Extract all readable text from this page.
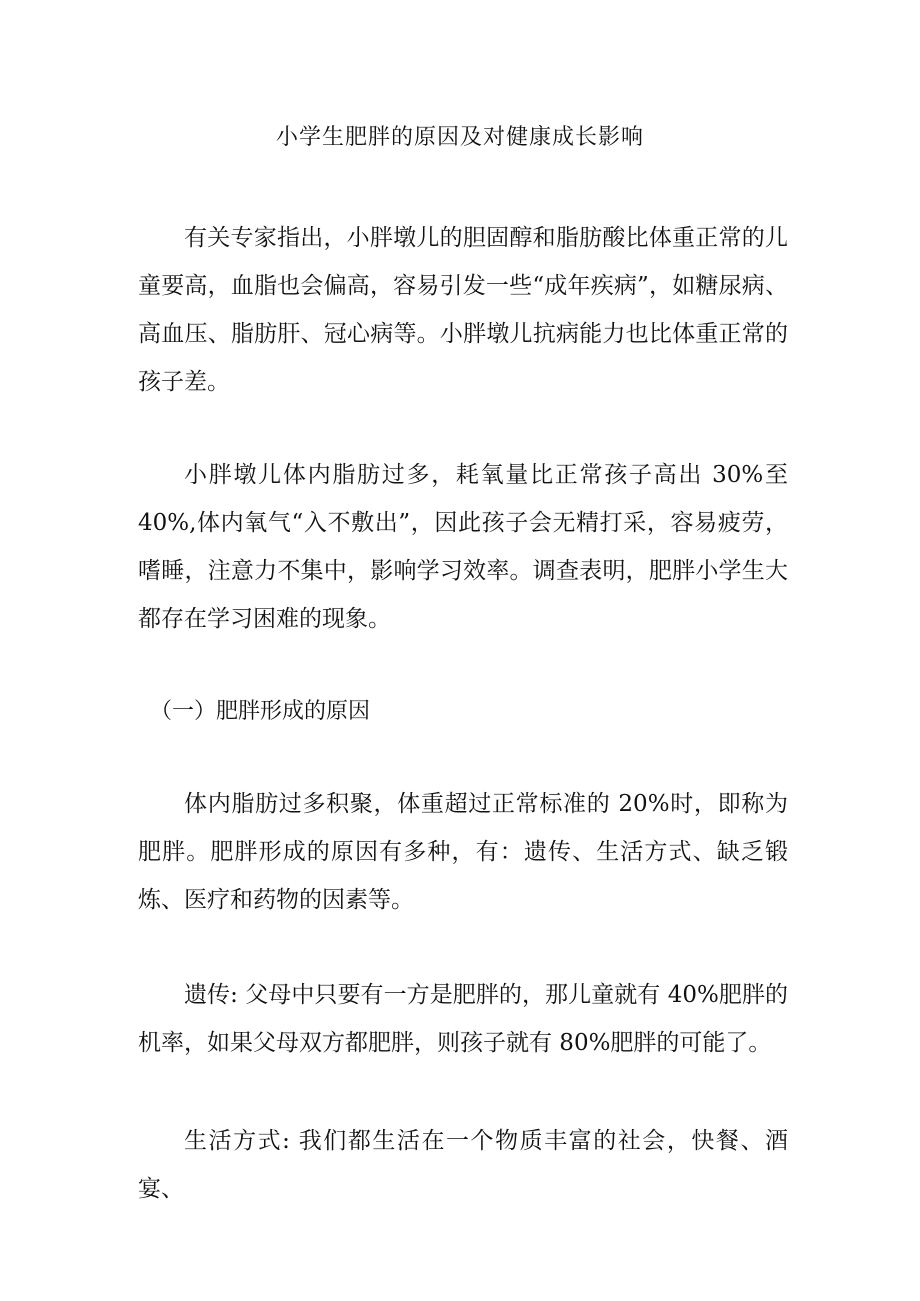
小学生肥胖的原因及对健康成长影响

有关专家指出，小胖墩儿的胆固醇和脂肪酸比体重正常的儿童要高，血脂也会偏高，容易引发一些“成年疾病”，如糖尿病、高血压、脂肪肝、冠心病等。小胖墩儿抗病能力也比体重正常的孩子差。

小胖墩儿体内脂肪过多，耗氧量比正常孩子高出 30%至40%,体内氧气“入不敷出”，因此孩子会无精打采，容易疲劳，嗜睡，注意力不集中，影响学习效率。调查表明，肥胖小学生大都存在学习困难的现象。

（一）肥胖形成的原因

体内脂肪过多积聚，体重超过正常标准的 20%时，即称为肥胖。肥胖形成的原因有多种，有：遗传、生活方式、缺乏锻炼、医疗和药物的因素等。

遗传: 父母中只要有一方是肥胖的，那儿童就有 40%肥胖的机率，如果父母双方都肥胖，则孩子就有 80%肥胖的可能了。

生活方式: 我们都生活在一个物质丰富的社会，快餐、酒宴、
